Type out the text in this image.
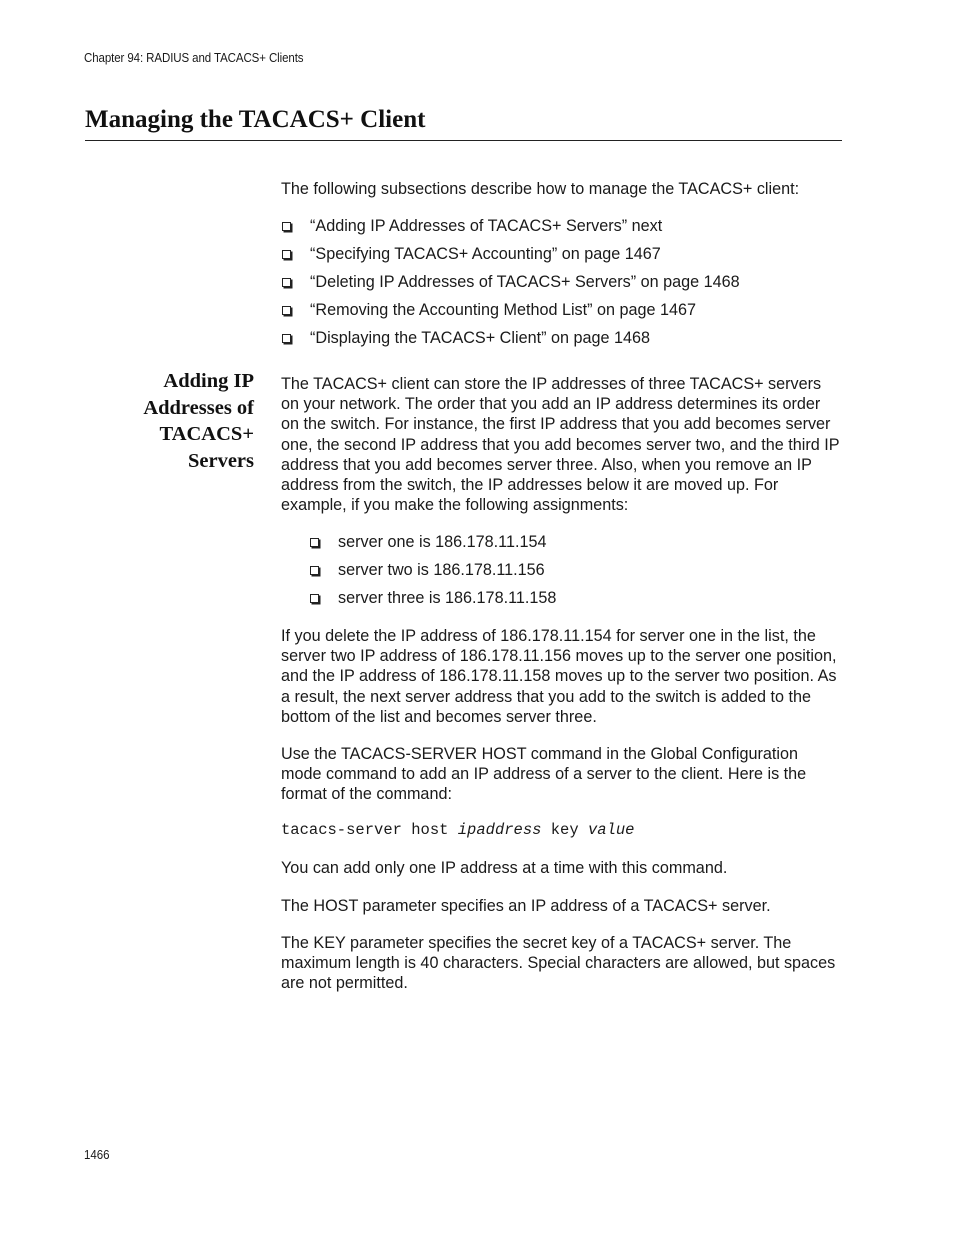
Chapter 94: RADIUS and TACACS+ Clients
Managing the TACACS+ Client

The following subsections describe how to manage the TACACS+ client:

“Adding IP Addresses of TACACS+ Servers” next
“Specifying TACACS+ Accounting” on page 1467
“Deleting IP Addresses of TACACS+ Servers” on page 1468
“Removing the Accounting Method List” on page 1467
“Displaying the TACACS+ Client” on page 1468
Adding IP
Addresses of
TACACS+
Servers

The TACACS+ client can store the IP addresses of three TACACS+ servers on your network. The order that you add an IP address determines its order on the switch. For instance, the first IP address that you add becomes server one, the second IP address that you add becomes server two, and the third IP address that you add becomes server three. Also, when you remove an IP address from the switch, the IP addresses below it are moved up. For example, if you make the following assignments:

server one is 186.178.11.154
server two is 186.178.11.156
server three is 186.178.11.158

If you delete the IP address of 186.178.11.154 for server one in the list, the server two IP address of 186.178.11.156 moves up to the server one position, and the IP address of 186.178.11.158 moves up to the server two position. As a result, the next server address that you add to the switch is added to the bottom of the list and becomes server three.

Use the TACACS-SERVER HOST command in the Global Configuration mode command to add an IP address of a server to the client. Here is the format of the command:

tacacs-server host ipaddress key value

You can add only one IP address at a time with this command.

The HOST parameter specifies an IP address of a TACACS+ server.

The KEY parameter specifies the secret key of a TACACS+ server. The maximum length is 40 characters. Special characters are allowed, but spaces are not permitted.

1466
